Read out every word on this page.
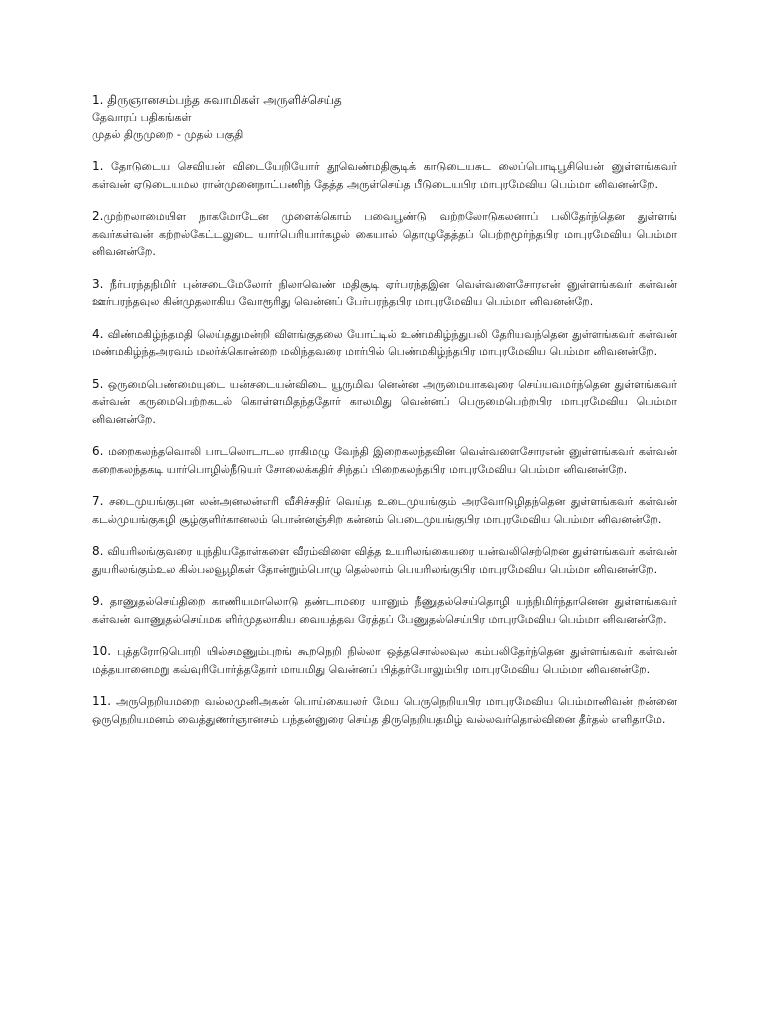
1. திருஞானசம்பந்த சுவாமிகள் அருளிச்செய்த
தேவாரப் பதிகங்கள்
முதல் திருமுறை - முதல் பகுதி
1. தோடுடைய செவியன் விடையேறியோர் தூவெண்மதிசூடிக் காடுடையசுட லைப்பொடிபூசியென் னுள்ளங்கவர் கள்வன் ஏடுடையமல ரான்முனைநாட்பணிந் தேத்த அருள்செய்த பீடுடையபிர மாபுரமேவிய பெம்மா னிவனன்றே.
2.முற்றலாமையிள நாகமோடேன முளைக்கொம் பவைபூண்டு வற்றலோடுகலனாப் பலிதேர்ந்தென துள்ளங் கவர்கள்வன் கற்றல்கேட்டலுடை யார்பெரியார்கழல் கையால் தொழுதேத்தப் பெற்றமூர்ந்தபிர மாபுரமேவிய பெம்மா னிவனன்றே.
3. நீர்பரந்தநிமிர் புன்சடைமேலோர் நிலாவெண் மதிசூடி ஏர்பரந்தஇன வெள்வளைசோரஎன் னுள்ளங்கவர் கள்வன் ஊர்பரந்தவுல கின்முதலாகிய வோரூரிது வென்னப் பேர்பரந்தபிர மாபுரமேவிய பெம்மா னிவனன்றே.
4. விண்மகிழ்ந்தமதி லெய்ததுமன்றி விளங்குதலை யோட்டில் உண்மகிழ்ந்துபலி தேரியவந்தென துள்ளங்கவர் கள்வன் மண்மகிழ்ந்தஅரவம் மலர்க்கொன்றை மலிந்தவரை மார்பில் பெண்மகிழ்ந்தபிர மாபுரமேவிய பெம்மா னிவனன்றே.
5. ஒருமைபெண்மையுடை யன்சடையன்விடை யூருமிவ னென்ன அருமையாகவுரை செய்யவமர்ந்தென துள்ளங்கவர் கள்வன் கருமைபெற்றகடல் கொள்ளமிதந்ததோர் காலமிது வென்னப் பெருமைபெற்றபிர மாபுரமேவிய பெம்மா னிவனன்றே.
6. மறைகலந்தவொலி பாடலொடாடல ராகிமழு வேந்தி இறைகலந்தவின வெள்வளைசோரஎன் னுள்ளங்கவர் கள்வன் கறைகலந்தகடி யார்பொழில்நீடுயர் சோலைக்கதிர் சிந்தப் பிறைகலந்தபிர மாபுரமேவிய பெம்மா னிவனன்றே.
7. சடைமுயங்குபுன லன்அனலன்எரி வீசிச்சதிர் வெய்த உடைமுயங்கும் அரவோடுழிதந்தென துள்ளங்கவர் கள்வன் கடல்முயங்குகழி சூழ்குளிர்கானலம் பொன்னஞ்சிற கன்னம் பெடைமுயங்குபிர மாபுரமேவிய பெம்மா னிவனன்றே.
8. வியரிலங்குவரை யுந்தியதோள்களை வீரம்விளை வித்த உயரிலங்கையரை யன்வலிசெற்றென துள்ளங்கவர் கள்வன் துயரிலங்கும்உல கில்பலவூழிகள் தோன்றும்பொழு தெல்லாம் பெயரிலங்குபிர மாபுரமேவிய பெம்மா னிவனன்றே.
9. தாணுதல்செய்திறை காணியமாலொடு தண்டாமரை யானும் நீணுதல்செய்தொழி யந்நிமிர்ந்தானென துள்ளங்கவர் கள்வன் வாணுதல்செய்மக ளிர்முதலாகிய வையத்தவ ரேத்தப் பேணுதல்செய்பிர மாபுரமேவிய பெம்மா னிவனன்றே.
10. புத்தரோடுபொறி யில்சமணும்புறங் கூறநெறி நில்லா ஒத்தசொல்லவுல கம்பலிதேர்ந்தென துள்ளங்கவர் கள்வன் மத்தயானைமறு கவ்வுரிபோர்த்ததோர் மாயமிது வென்னப் பித்தர்போலும்பிர மாபுரமேவிய பெம்மா னிவனன்றே.
11. அருநெறியமறை வல்லமுனிஅகன் பொய்கையலர் மேய பெருநெறியபிர மாபுரமேவிய பெம்மானிவன் றன்னை ஒருநெறியமனம் வைத்துணர்ஞானசம் பந்தன்னுரை செய்த திருநெறியதமிழ் வல்லவர்தொல்வினை தீர்தல் எளிதாமே.
